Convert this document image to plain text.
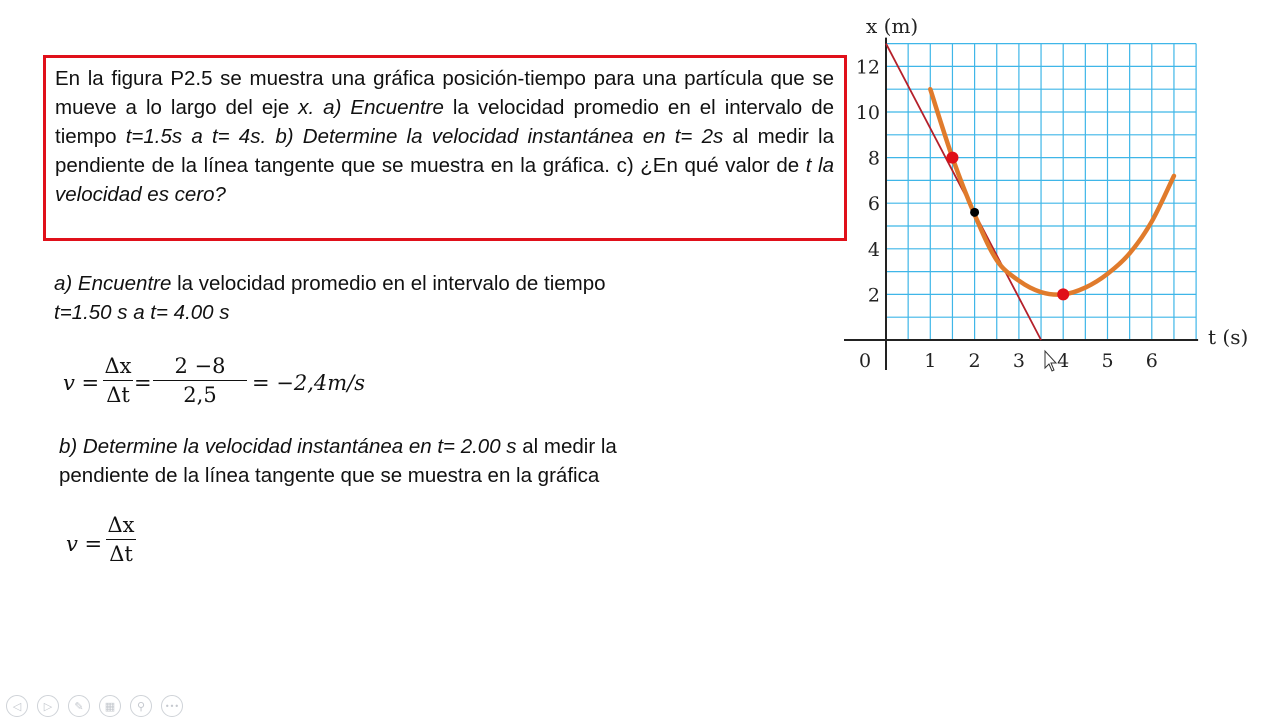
En la figura P2.5 se muestra una gráfica posición-tiempo para una partícula que se mueve a lo largo del eje x. a) Encuentre la velocidad promedio en el intervalo de tiempo t=1.5s a t= 4s. b) Determine la velocidad instantánea en t= 2s al medir la pendiente de la línea tangente que se muestra en la gráfica. c) ¿En qué valor de t la velocidad es cero?
a) Encuentre la velocidad promedio en el intervalo de tiempo
t=1.50 s a t= 4.00 s
v =
Δx
Δt =
2 −8
2,5	= −2,4m/s
b) Determine la velocidad instantánea en t= 2.00 s al medir la
pendiente de la línea tangente que se muestra en la gráfica
v =
Δx
Δt
0	1 2 3 4 5 6
2
4
6
8
10
12
t (s)
x (m)
◁	▷	✎	▦	⚲	•••
